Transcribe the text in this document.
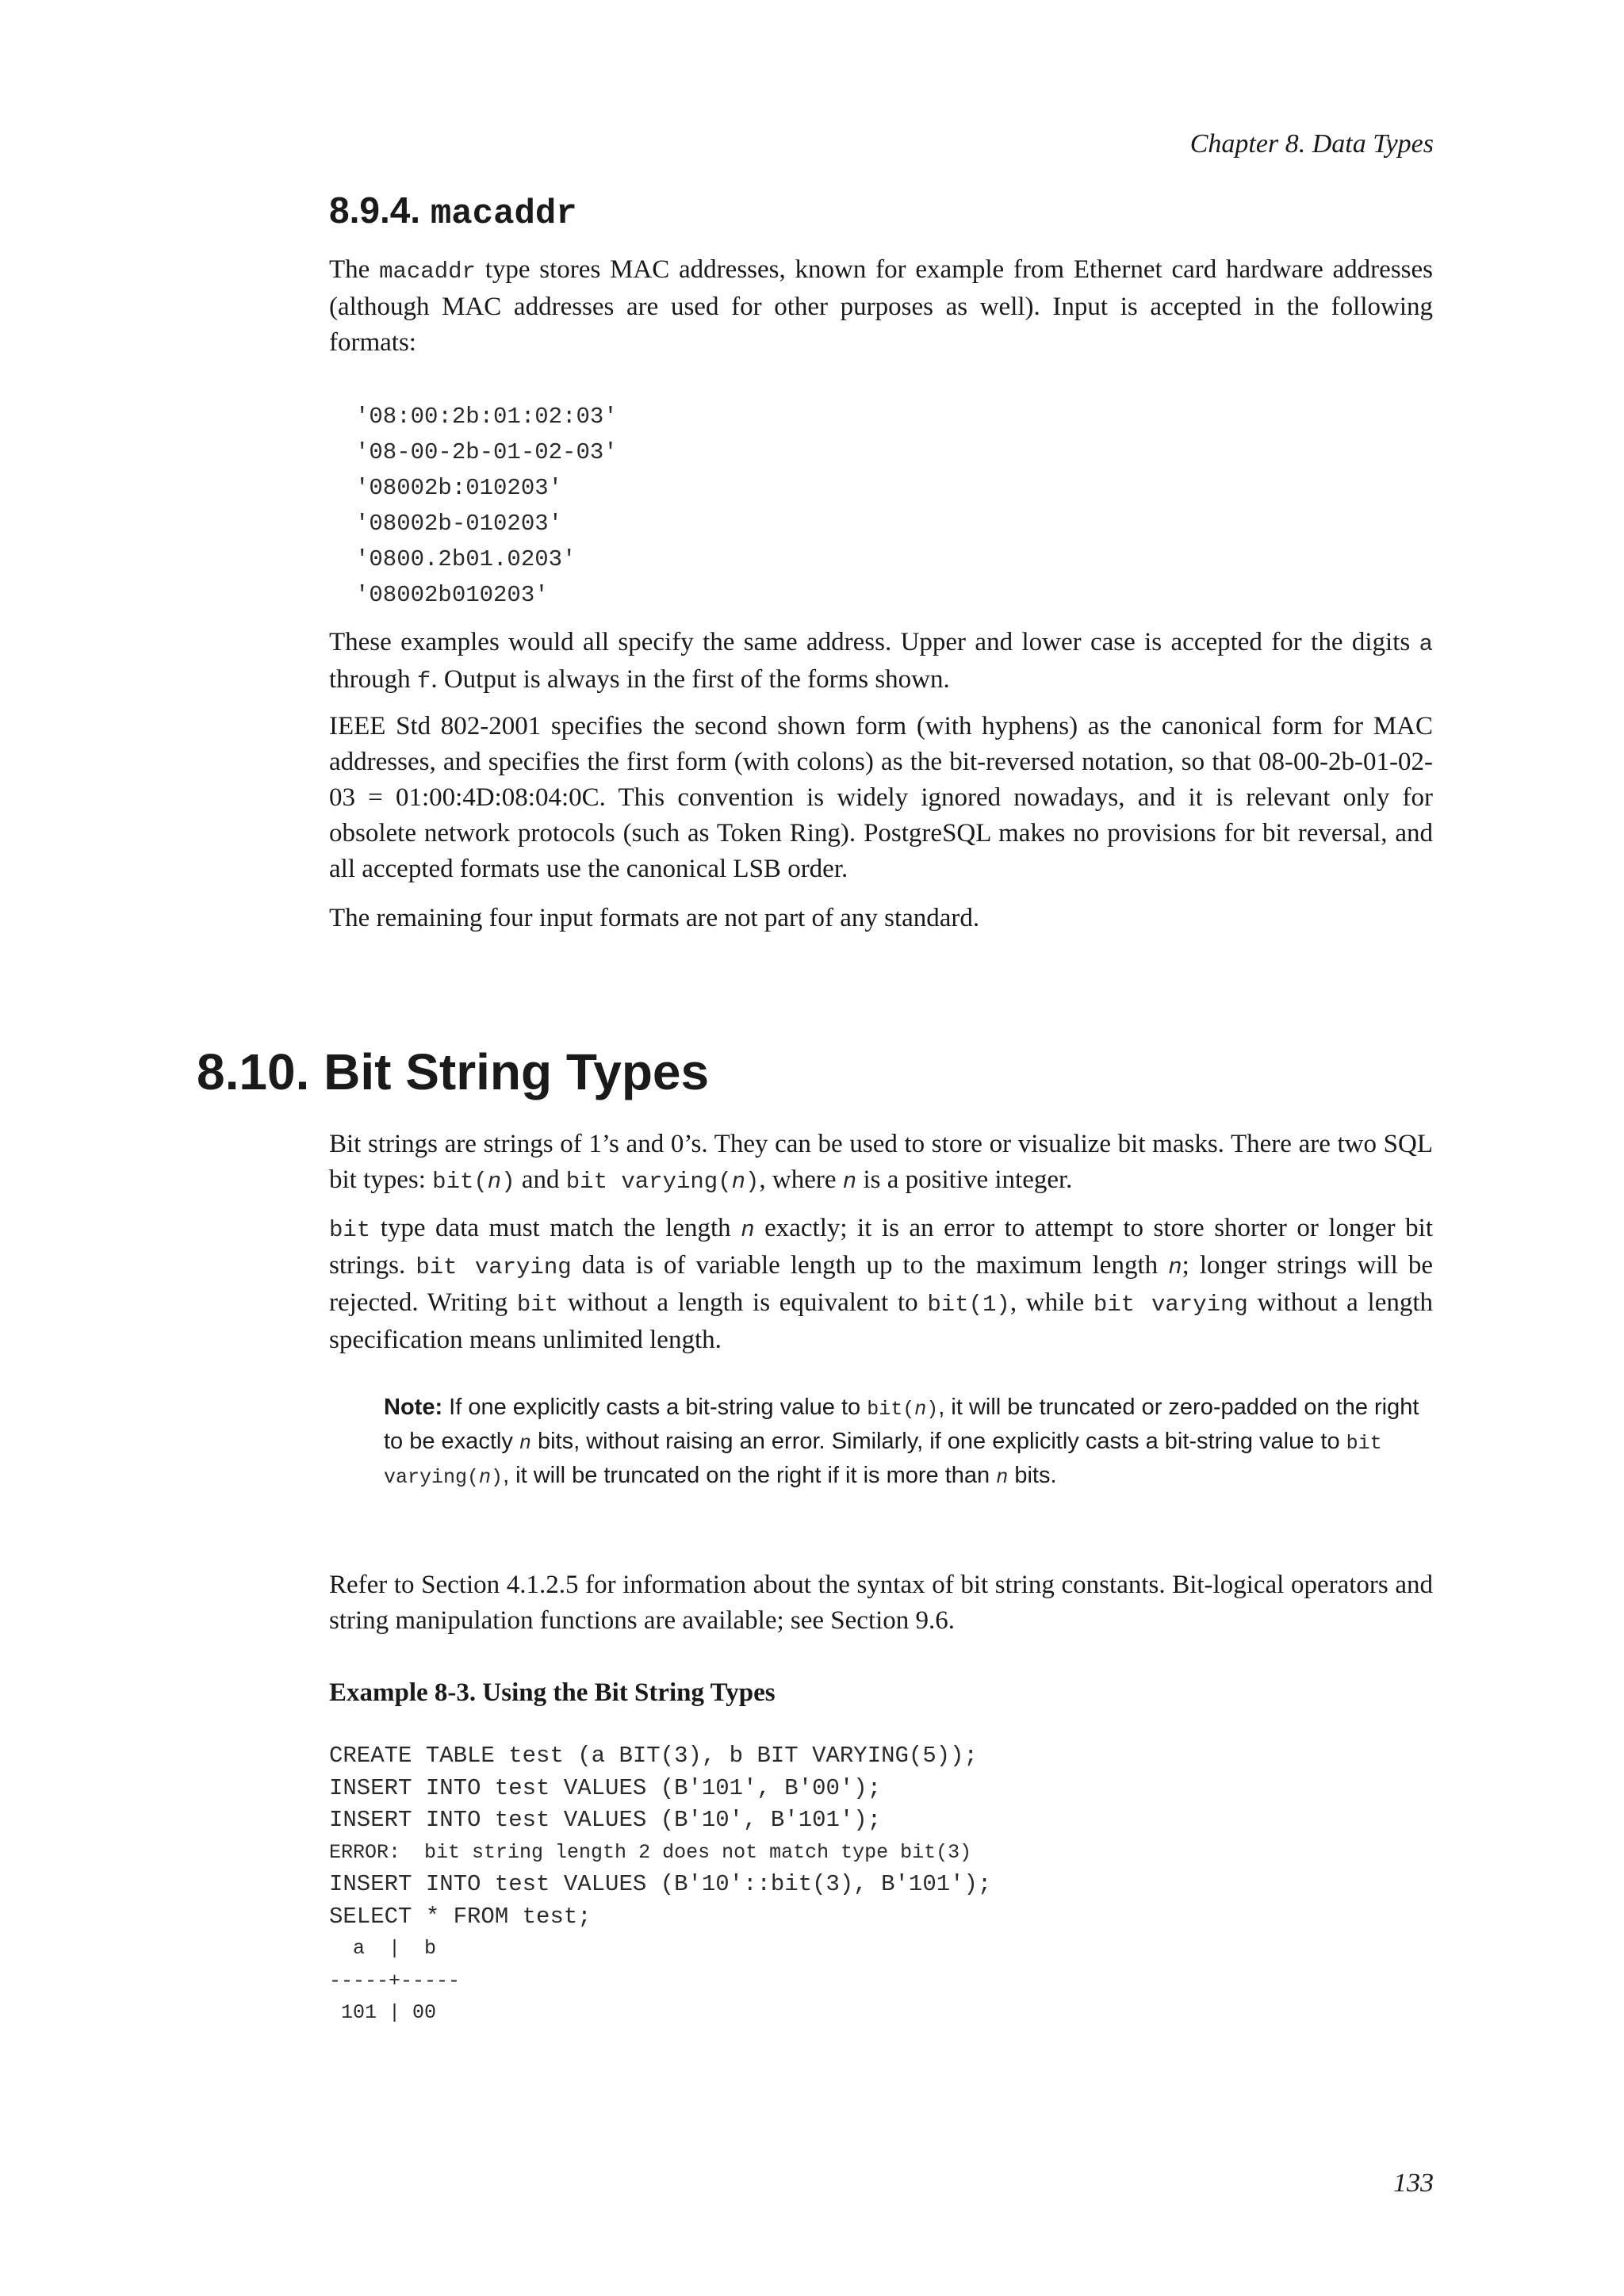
Chapter 8. Data Types
8.9.4. macaddr

The macaddr type stores MAC addresses, known for example from Ethernet card hardware addresses (although MAC addresses are used for other purposes as well). Input is accepted in the following formats:

'08:00:2b:01:02:03'
'08-00-2b-01-02-03'
'08002b:010203'
'08002b-010203'
'0800.2b01.0203'
'08002b010203'

These examples would all specify the same address. Upper and lower case is accepted for the digits a through f. Output is always in the first of the forms shown.

IEEE Std 802-2001 specifies the second shown form (with hyphens) as the canonical form for MAC addresses, and specifies the first form (with colons) as the bit-reversed notation, so that 08-00-2b-01-02-03 = 01:00:4D:08:04:0C. This convention is widely ignored nowadays, and it is relevant only for obsolete network protocols (such as Token Ring). PostgreSQL makes no provisions for bit reversal, and all accepted formats use the canonical LSB order.

The remaining four input formats are not part of any standard.

8.10. Bit String Types

Bit strings are strings of 1’s and 0’s. They can be used to store or visualize bit masks. There are two SQL bit types: bit(n) and bit varying(n), where n is a positive integer.

bit type data must match the length n exactly; it is an error to attempt to store shorter or longer bit strings. bit varying data is of variable length up to the maximum length n; longer strings will be rejected. Writing bit without a length is equivalent to bit(1), while bit varying without a length specification means unlimited length.

Note: If one explicitly casts a bit-string value to bit(n), it will be truncated or zero-padded on the right to be exactly n bits, without raising an error. Similarly, if one explicitly casts a bit-string value to bit varying(n), it will be truncated on the right if it is more than n bits.

Refer to Section 4.1.2.5 for information about the syntax of bit string constants. Bit-logical operators and string manipulation functions are available; see Section 9.6.

Example 8-3. Using the Bit String Types
CREATE TABLE test (a BIT(3), b BIT VARYING(5));
INSERT INTO test VALUES (B'101', B'00');
INSERT INTO test VALUES (B'10', B'101');
ERROR:  bit string length 2 does not match type bit(3)
INSERT INTO test VALUES (B'10'::bit(3), B'101');
SELECT * FROM test;
a  |  b
-----+-----
101 | 00
133
